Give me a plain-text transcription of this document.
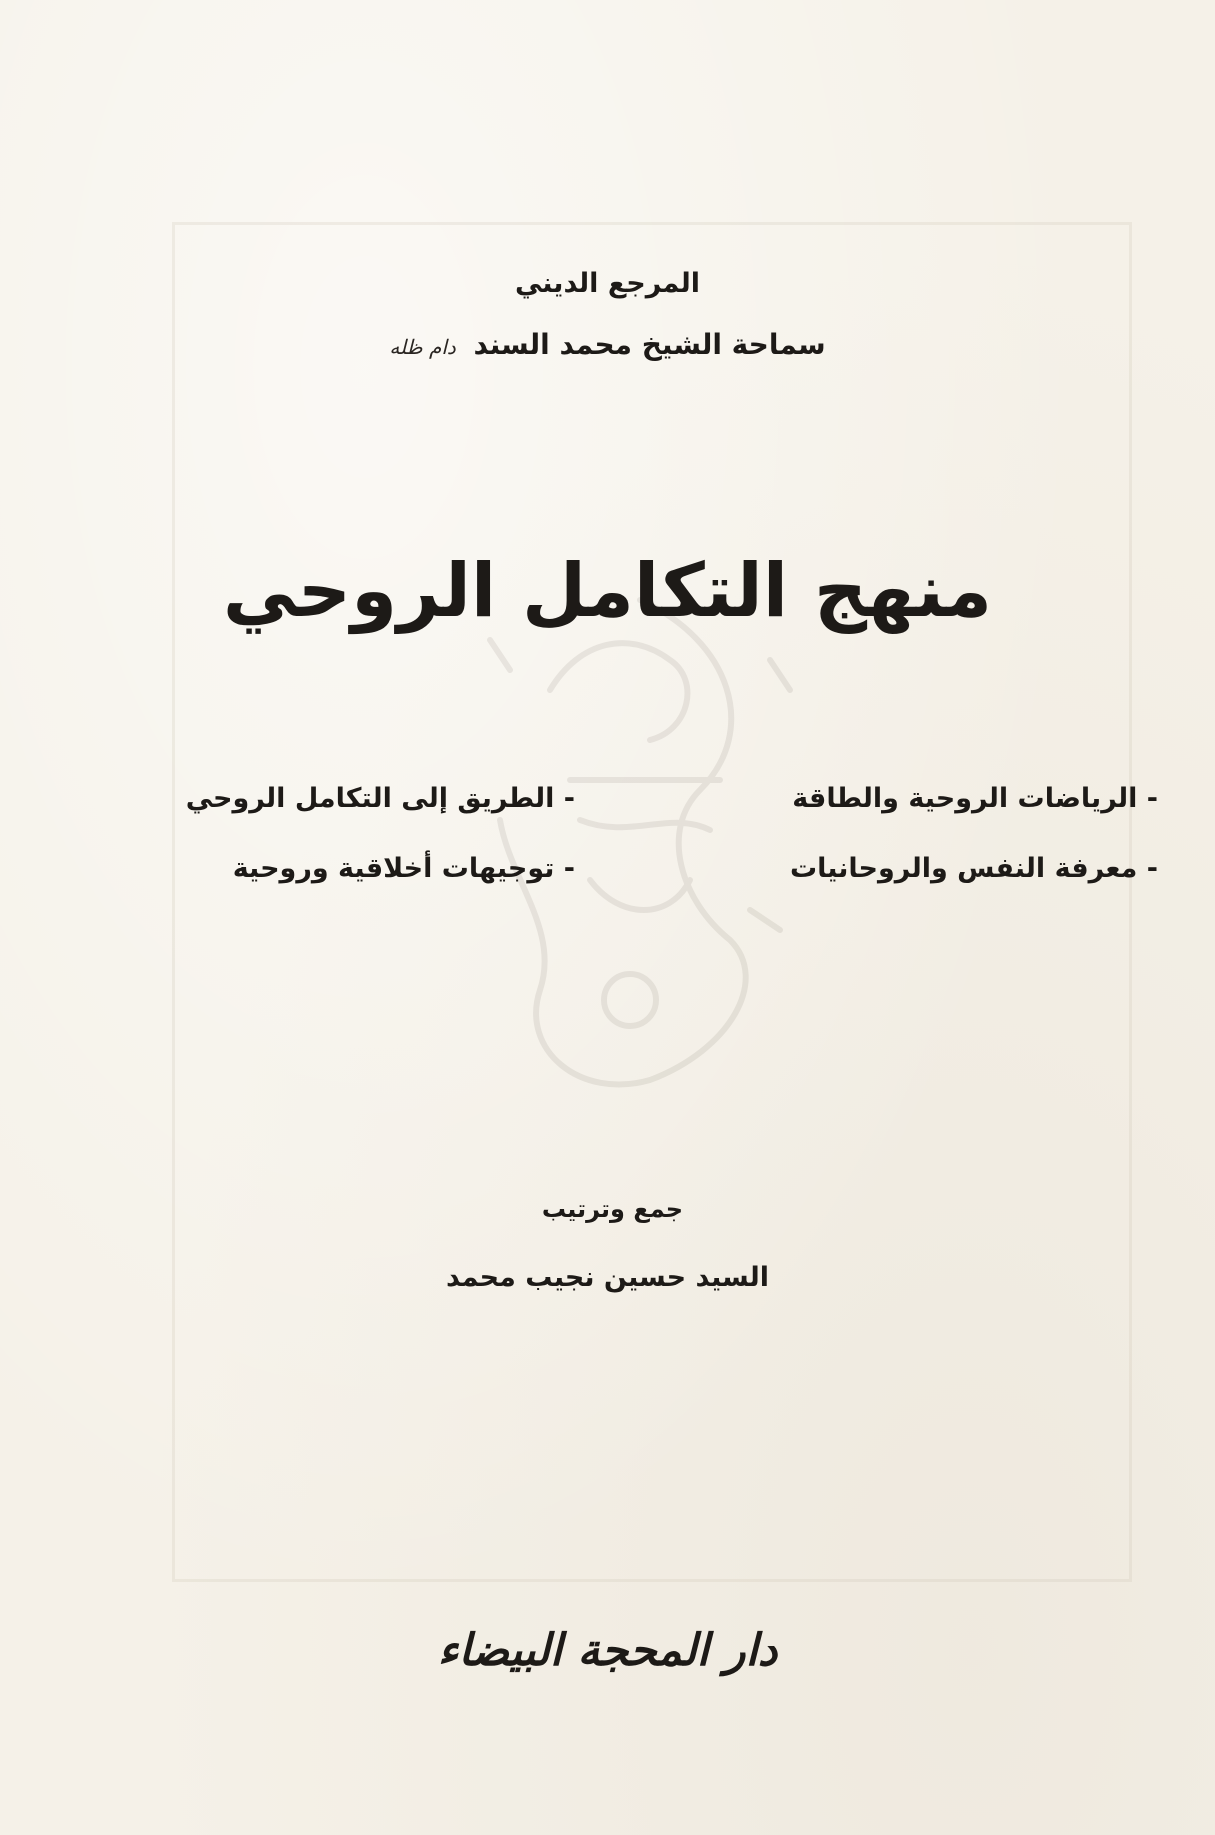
المرجع الديني
سماحة الشيخ محمد السند دام ظله
منهج التكامل الروحي
- الرياضات الروحية والطاقة
- الطريق إلى التكامل الروحي
- معرفة النفس والروحانيات
- توجيهات أخلاقية وروحية
جمع وترتيب
السيد حسين نجيب محمد
دار المحجة البيضاء
